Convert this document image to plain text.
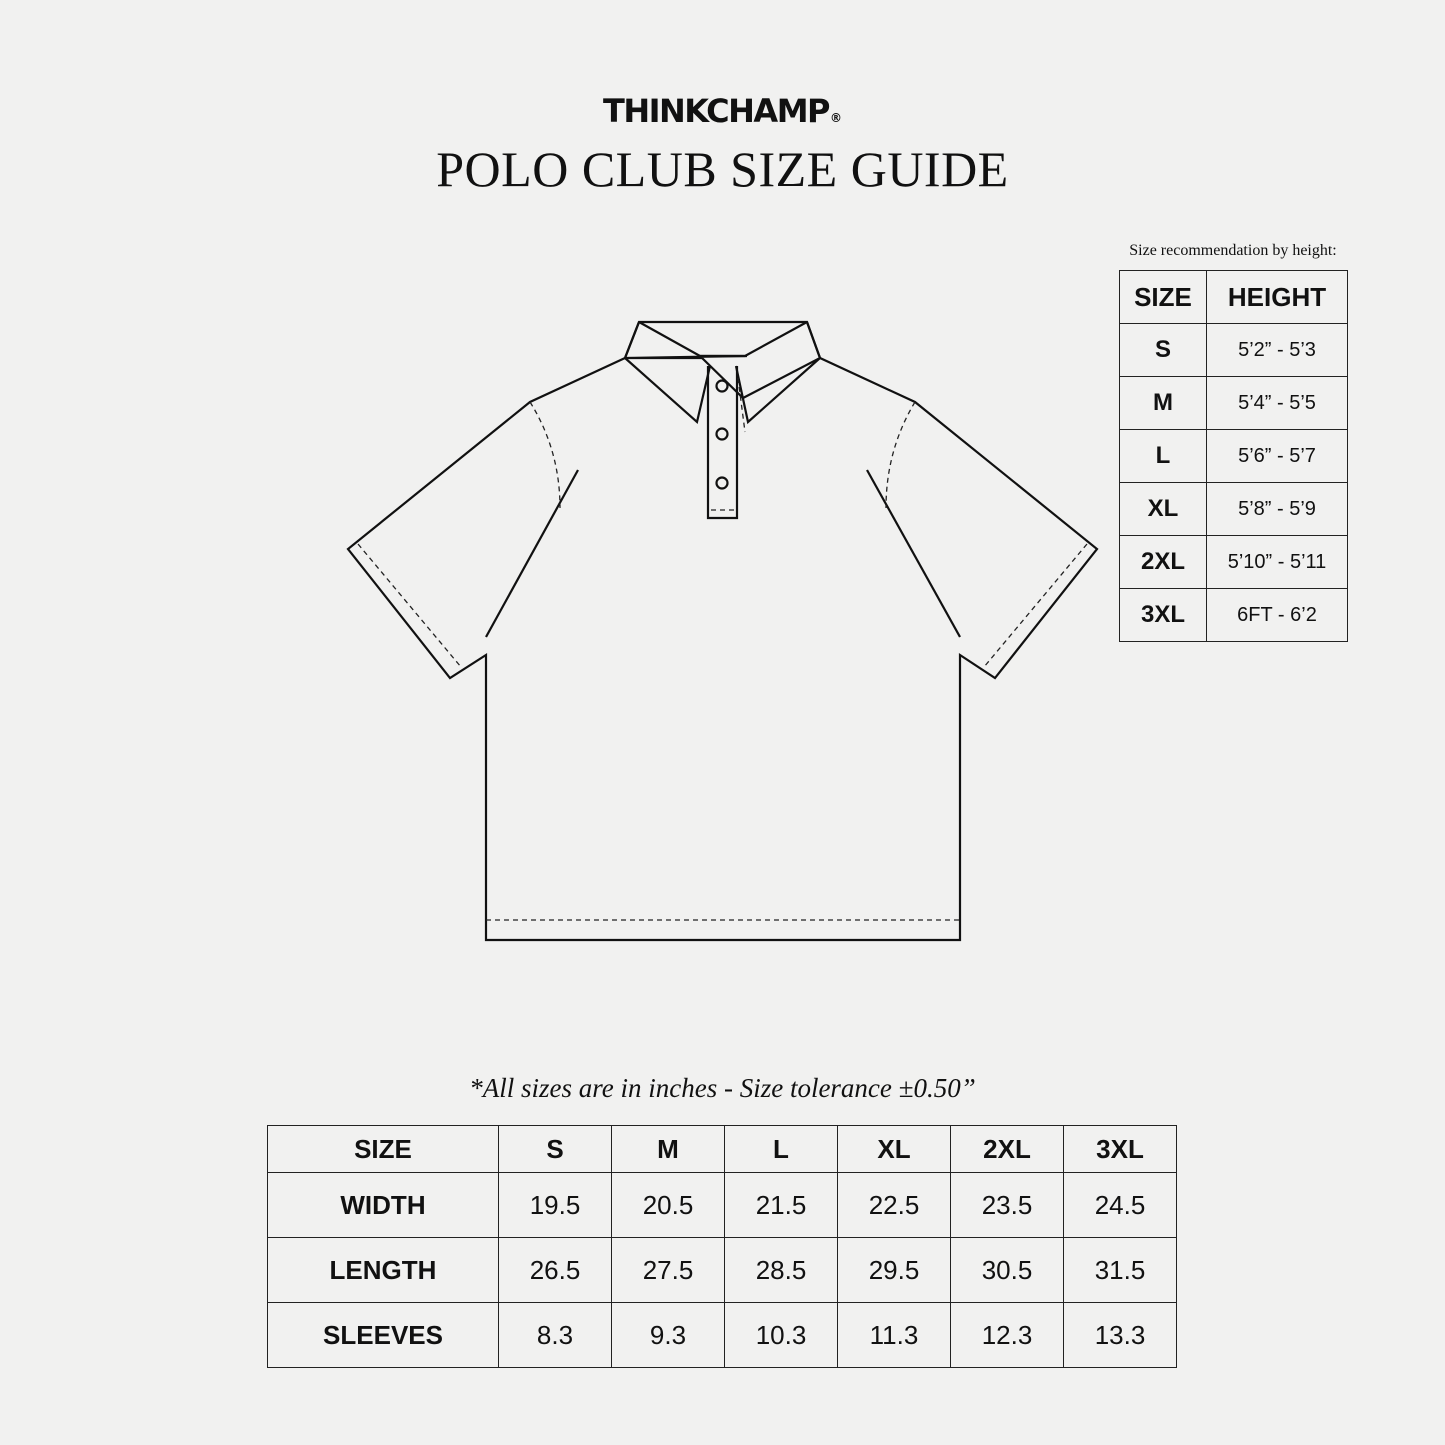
THINKCHAMP®
POLO CLUB SIZE GUIDE
Size recommendation by height:
SIZE	HEIGHT
S	5’2” - 5’3
M	5’4” - 5’5
L	5’6” - 5’7
XL	5’8” - 5’9
2XL	5’10” - 5’11
3XL	6FT - 6’2
*All sizes are in inches - Size tolerance ±0.50”
SIZE	S	M	L	XL	2XL	3XL
WIDTH	19.5	20.5	21.5	22.5	23.5	24.5
LENGTH	26.5	27.5	28.5	29.5	30.5	31.5
SLEEVES	8.3	9.3	10.3	11.3	12.3	13.3
